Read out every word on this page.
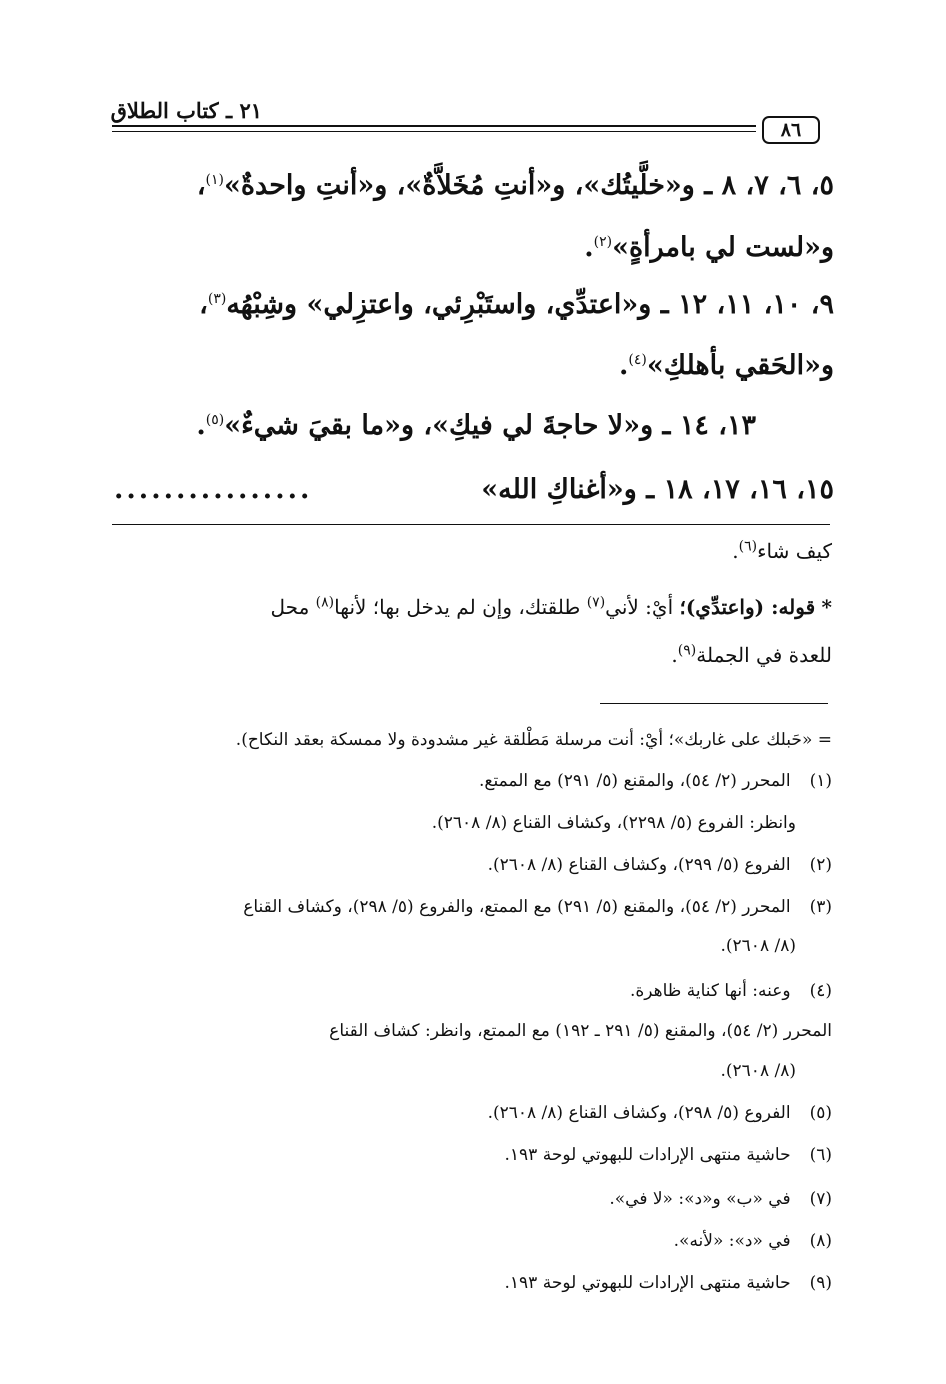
٢١ ـ كتاب الطلاق
٨٦
٥، ٦، ٧، ٨ ـ و«خلَّيتُك»، و«أنتِ مُخَلاَّةٌ»، و«أنتِ واحدةٌ»$^{(١)}$،
و«لست لي بامرأةٍ»$^{(٢)}$.
٩، ١٠، ١١، ١٢ ـ و«اعتدِّي، واستَبْرِئي، واعتزِلي» وشِبْهُه$^{(٣)}$،
و«الحَقي بأهلكِ»$^{(٤)}$.
١٣، ١٤ ـ و«لا حاجةَ لي فيكِ»، و«ما بقيَ شيءٌ»$^{(٥)}$.
١٥، ١٦، ١٧، ١٨ ـ و«أغناكِ الله»
................
كيف شاء$^{(٦)}$.
* قوله: (واعتدِّي)؛ أيْ: لأني$^{(٧)}$ طلقتك، وإن لم يدخل بها؛ لأنها$^{(٨)}$ محل
للعدة في الجملة$^{(٩)}$.
= «حَبلك على غاربك»؛ أيْ: أنت مرسلة مَطْلقة غير مشدودة ولا ممسكة بعقد النكاح).
(١) المحرر (٢/ ٥٤)، والمقنع (٥/ ٢٩١) مع الممتع.
وانظر: الفروع (٥/ ٢٢٩٨)، وكشاف القناع (٨/ ٢٦٠٨).
(٢) الفروع (٥/ ٢٩٩)، وكشاف القناع (٨/ ٢٦٠٨).
(٣) المحرر (٢/ ٥٤)، والمقنع (٥/ ٢٩١) مع الممتع، والفروع (٥/ ٢٩٨)، وكشاف القناع
(٨/ ٢٦٠٨).
(٤) وعنه: أنها كناية ظاهرة.
المحرر (٢/ ٥٤)، والمقنع (٥/ ٢٩١ ـ ١٩٢) مع الممتع، وانظر: كشاف القناع
(٨/ ٢٦٠٨).
(٥) الفروع (٥/ ٢٩٨)، وكشاف القناع (٨/ ٢٦٠٨).
(٦) حاشية منتهى الإرادات للبهوتي لوحة ١٩٣.
(٧) في «ب» و«د»: «لا في».
(٨) في «د»: «لأنه».
(٩) حاشية منتهى الإرادات للبهوتي لوحة ١٩٣.
